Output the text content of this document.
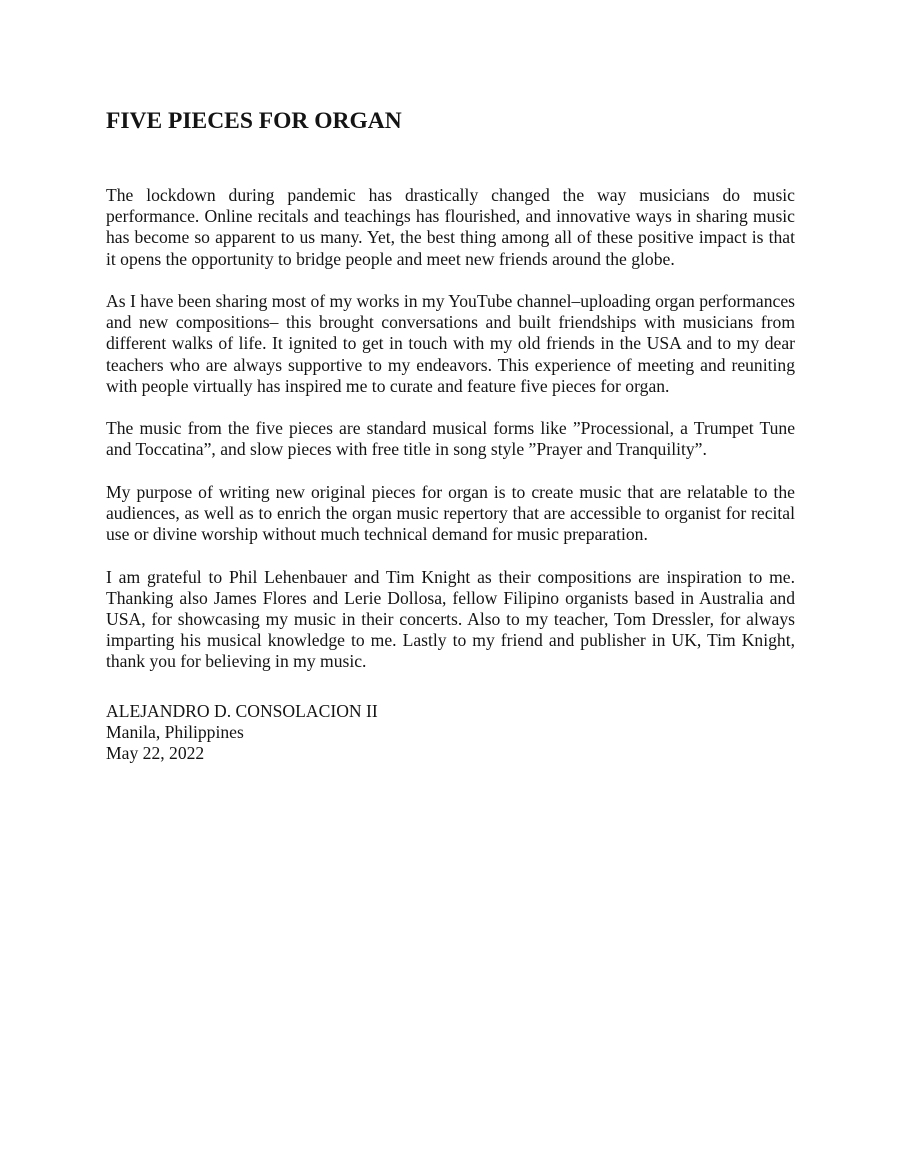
FIVE PIECES FOR ORGAN

The lockdown during pandemic has drastically changed the way musicians do music performance. Online recitals and teachings has flourished, and innovative ways in sharing music has become so apparent to us many. Yet, the best thing among all of these positive impact is that it opens the opportunity to bridge people and meet new friends around the globe.

As I have been sharing most of my works in my YouTube channel–uploading organ performances and new compositions– this brought conversations and built friendships with musicians from different walks of life. It ignited to get in touch with my old friends in the USA and to my dear teachers who are always supportive to my endeavors. This experience of meeting and reuniting with people virtually has inspired me to curate and feature five pieces for organ.

The music from the five pieces are standard musical forms like ”Processional, a Trumpet Tune and Toccatina”, and slow pieces with free title in song style ”Prayer and Tranquility”.

My purpose of writing new original pieces for organ is to create music that are relatable to the audiences, as well as to enrich the organ music repertory that are accessible to organist for recital use or divine worship without much technical demand for music preparation.

I am grateful to Phil Lehenbauer and Tim Knight as their compositions are inspiration to me. Thanking also James Flores and Lerie Dollosa, fellow Filipino organists based in Australia and USA, for showcasing my music in their concerts. Also to my teacher, Tom Dressler, for always imparting his musical knowledge to me. Lastly to my friend and publisher in UK, Tim Knight, thank you for believing in my music.

ALEJANDRO D. CONSOLACION II
Manila, Philippines
May 22, 2022
